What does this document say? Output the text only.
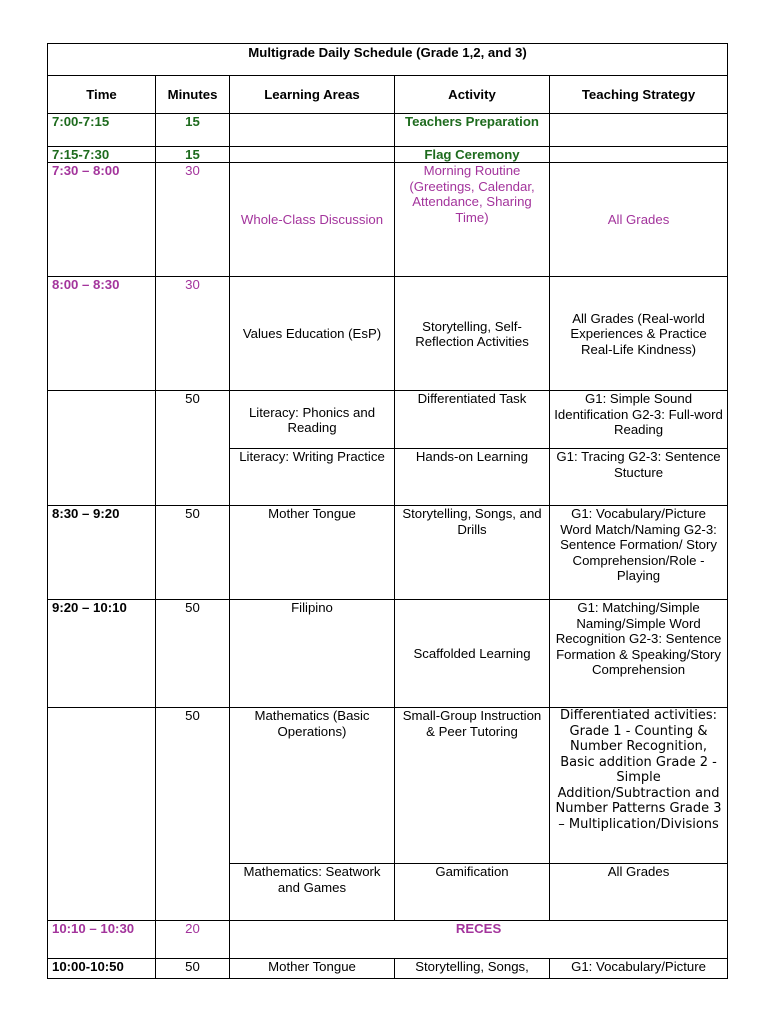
Multigrade Daily Schedule (Grade 1,2, and 3)				
Time	Minutes	Learning Areas	Activity	Teaching Strategy
7:00-7:15	15		Teachers Preparation	
7:15-7:30	15		Flag Ceremony	
7:30 – 8:00	30	Whole-Class Discussion	Morning Routine (Greetings, Calendar, Attendance, Sharing Time)	All Grades
8:00 – 8:30	30	Values Education (EsP)	Storytelling, Self-Reflection Activities	All Grades (Real-world Experiences & Practice Real-Life Kindness)
	50	Literacy: Phonics and Reading	Differentiated Task	G1: Simple Sound Identification G2-3: Full-word Reading
		Literacy: Writing Practice	Hands-on Learning	G1: Tracing G2-3: Sentence Stucture
8:30 – 9:20	50	Mother Tongue	Storytelling, Songs, and Drills	G1: Vocabulary/Picture Word Match/Naming G2-3: Sentence Formation/ Story Comprehension/Role - Playing
9:20 – 10:10	50	Filipino	Scaffolded Learning	G1: Matching/Simple Naming/Simple Word Recognition G2-3: Sentence Formation & Speaking/Story Comprehension
	50	Mathematics (Basic Operations)	Small-Group Instruction & Peer Tutoring	Differentiated activities: Grade 1 - Counting & Number Recognition, Basic addition Grade 2 - Simple Addition/Subtraction and Number Patterns Grade 3 – Multiplication/Divisions
		Mathematics: Seatwork and Games	Gamification	All Grades
10:10 – 10:30	20	RECES		
10:00-10:50	50	Mother Tongue	Storytelling, Songs,	G1: Vocabulary/Picture
